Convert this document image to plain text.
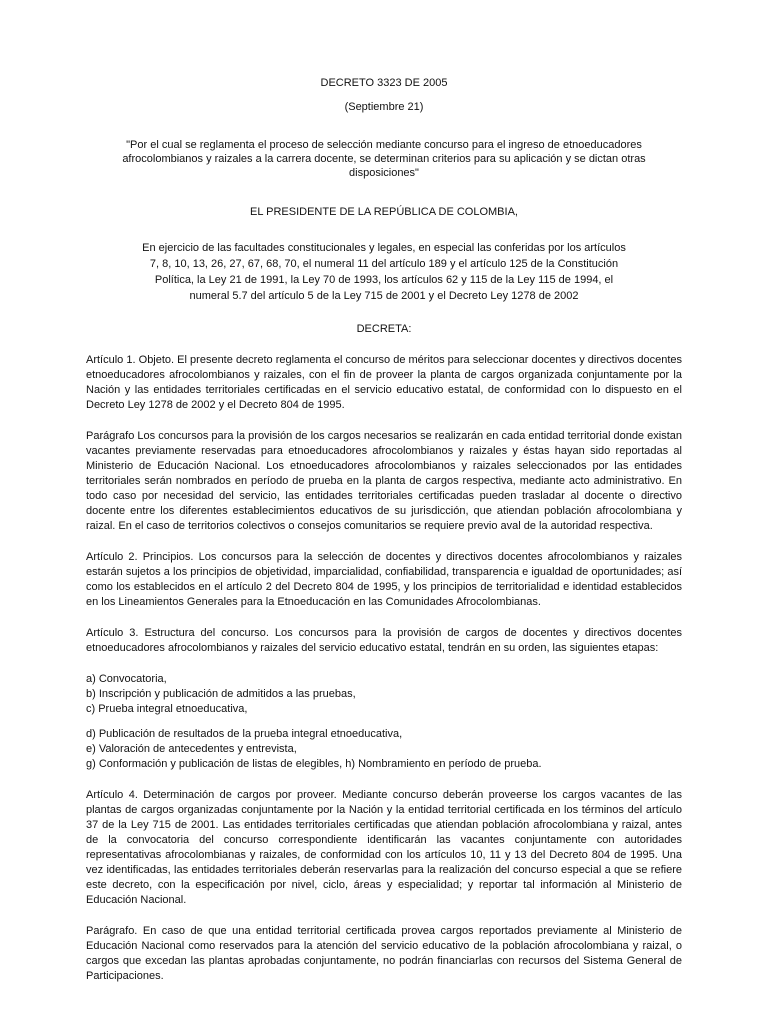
DECRETO 3323 DE 2005

(Septiembre 21)

"Por el cual se reglamenta el proceso de selección mediante concurso para el ingreso de etnoeducadores afrocolombianos y raizales a la carrera docente, se determinan criterios para su aplicación y se dictan otras disposiciones"

EL PRESIDENTE DE LA REPÚBLICA DE COLOMBIA,

En ejercicio de las facultades constitucionales y legales, en especial las conferidas por los artículos 7, 8, 10, 13, 26, 27, 67, 68, 70, el numeral 11 del artículo 189 y el artículo 125 de la Constitución Política, la Ley 21 de 1991, la Ley 70 de 1993, los artículos 62 y 115 de la Ley 115 de 1994, el numeral 5.7 del artículo 5 de la Ley 715 de 2001 y el Decreto Ley 1278 de 2002

DECRETA:

Artículo 1. Objeto. El presente decreto reglamenta el concurso de méritos para seleccionar docentes y directivos docentes etnoeducadores afrocolombianos y raizales, con el fin de proveer la planta de cargos organizada conjuntamente por la Nación y las entidades territoriales certificadas en el servicio educativo estatal, de conformidad con lo dispuesto en el Decreto Ley 1278 de 2002 y el Decreto 804 de 1995.

Parágrafo Los concursos para la provisión de los cargos necesarios se realizarán en cada entidad territorial donde existan vacantes previamente reservadas para etnoeducadores afrocolombianos y raizales y éstas hayan sido reportadas al Ministerio de Educación Nacional. Los etnoeducadores afrocolombianos y raizales seleccionados por las entidades territoriales serán nombrados en período de prueba en la planta de cargos respectiva, mediante acto administrativo. En todo caso por necesidad del servicio, las entidades territoriales certificadas pueden trasladar al docente o directivo docente entre los diferentes establecimientos educativos de su jurisdicción, que atiendan población afrocolombiana y raizal. En el caso de territorios colectivos o consejos comunitarios se requiere previo aval de la autoridad respectiva.

Artículo 2. Principios. Los concursos para la selección de docentes y directivos docentes afrocolombianos y raizales estarán sujetos a los principios de objetividad, imparcialidad, confiabilidad, transparencia e igualdad de oportunidades; así como los establecidos en el artículo 2 del Decreto 804 de 1995, y los principios de territorialidad e identidad establecidos en los Lineamientos Generales para la Etnoeducación en las Comunidades Afrocolombianas.

Artículo 3. Estructura del concurso. Los concursos para la provisión de cargos de docentes y directivos docentes etnoeducadores afrocolombianos y raizales del servicio educativo estatal, tendrán en su orden, las siguientes etapas:

a) Convocatoria,
b) Inscripción y publicación de admitidos a las pruebas,
c) Prueba integral etnoeducativa,
d) Publicación de resultados de la prueba integral etnoeducativa,
e) Valoración de antecedentes y entrevista,
g) Conformación y publicación de listas de elegibles, h) Nombramiento en período de prueba.

Artículo 4. Determinación de cargos por proveer. Mediante concurso deberán proveerse los cargos vacantes de las plantas de cargos organizadas conjuntamente por la Nación y la entidad territorial certificada en los términos del artículo 37 de la Ley 715 de 2001. Las entidades territoriales certificadas que atiendan población afrocolombiana y raizal, antes de la convocatoria del concurso correspondiente identificarán las vacantes conjuntamente con autoridades representativas afrocolombianas y raizales, de conformidad con los artículos 10, 11 y 13 del Decreto 804 de 1995. Una vez identificadas, las entidades territoriales deberán reservarlas para la realización del concurso especial a que se refiere este decreto, con la especificación por nivel, ciclo, áreas y especialidad; y reportar tal información al Ministerio de Educación Nacional.

Parágrafo. En caso de que una entidad territorial certificada provea cargos reportados previamente al Ministerio de Educación Nacional como reservados para la atención del servicio educativo de la población afrocolombiana y raizal, o cargos que excedan las plantas aprobadas conjuntamente, no podrán financiarlas con recursos del Sistema General de Participaciones.
